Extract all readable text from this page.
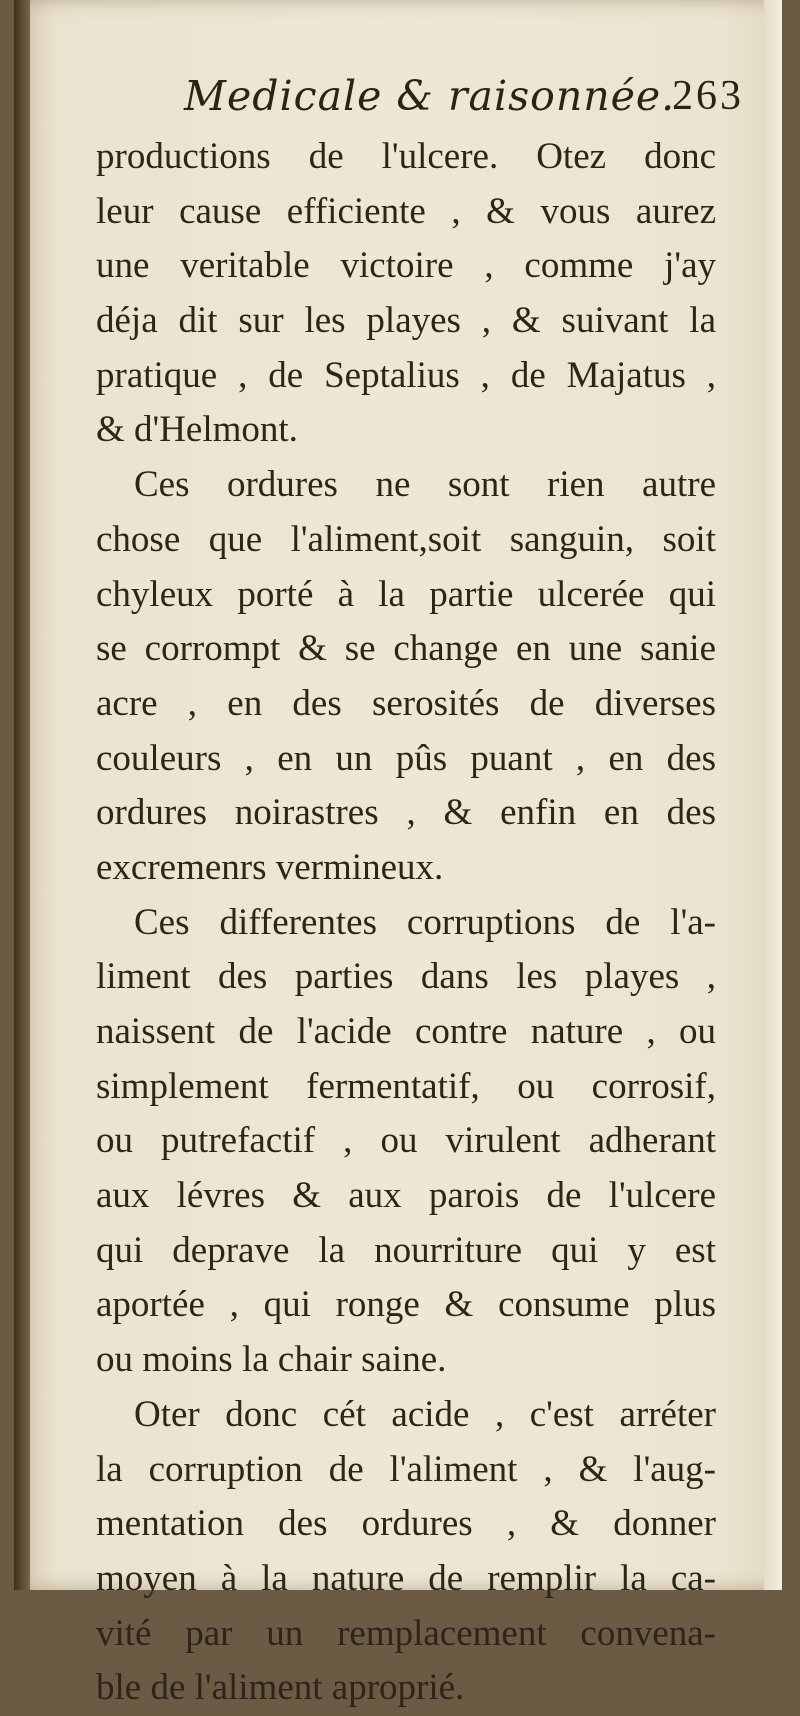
Medicale & raisonnée.
263
productions de l'ulcere. Otez donc
leur cause efficiente , & vous aurez
une veritable victoire , comme j'ay
déja dit sur les playes , & suivant la
pratique , de Septalius , de Majatus ,
& d'Helmont.
Ces ordures ne sont rien autre
chose que l'aliment,soit sanguin, soit
chyleux porté à la partie ulcerée qui
se corrompt & se change en une sanie
acre , en des serosités de diverses
couleurs , en un pûs puant , en des
ordures noirastres , & enfin en des
excremenrs vermineux.
Ces differentes corruptions de l'a-
liment des parties dans les playes ,
naissent de l'acide contre nature , ou
simplement fermentatif, ou corrosif,
ou putrefactif , ou virulent adherant
aux lévres & aux parois de l'ulcere
qui deprave la nourriture qui y est
aportée , qui ronge & consume plus
ou moins la chair saine.
Oter donc cét acide , c'est arréter
la corruption de l'aliment , & l'aug-
mentation des ordures , & donner
moyen à la nature de remplir la ca-
vité par un remplacement convena-
ble de l'aliment aproprié.
